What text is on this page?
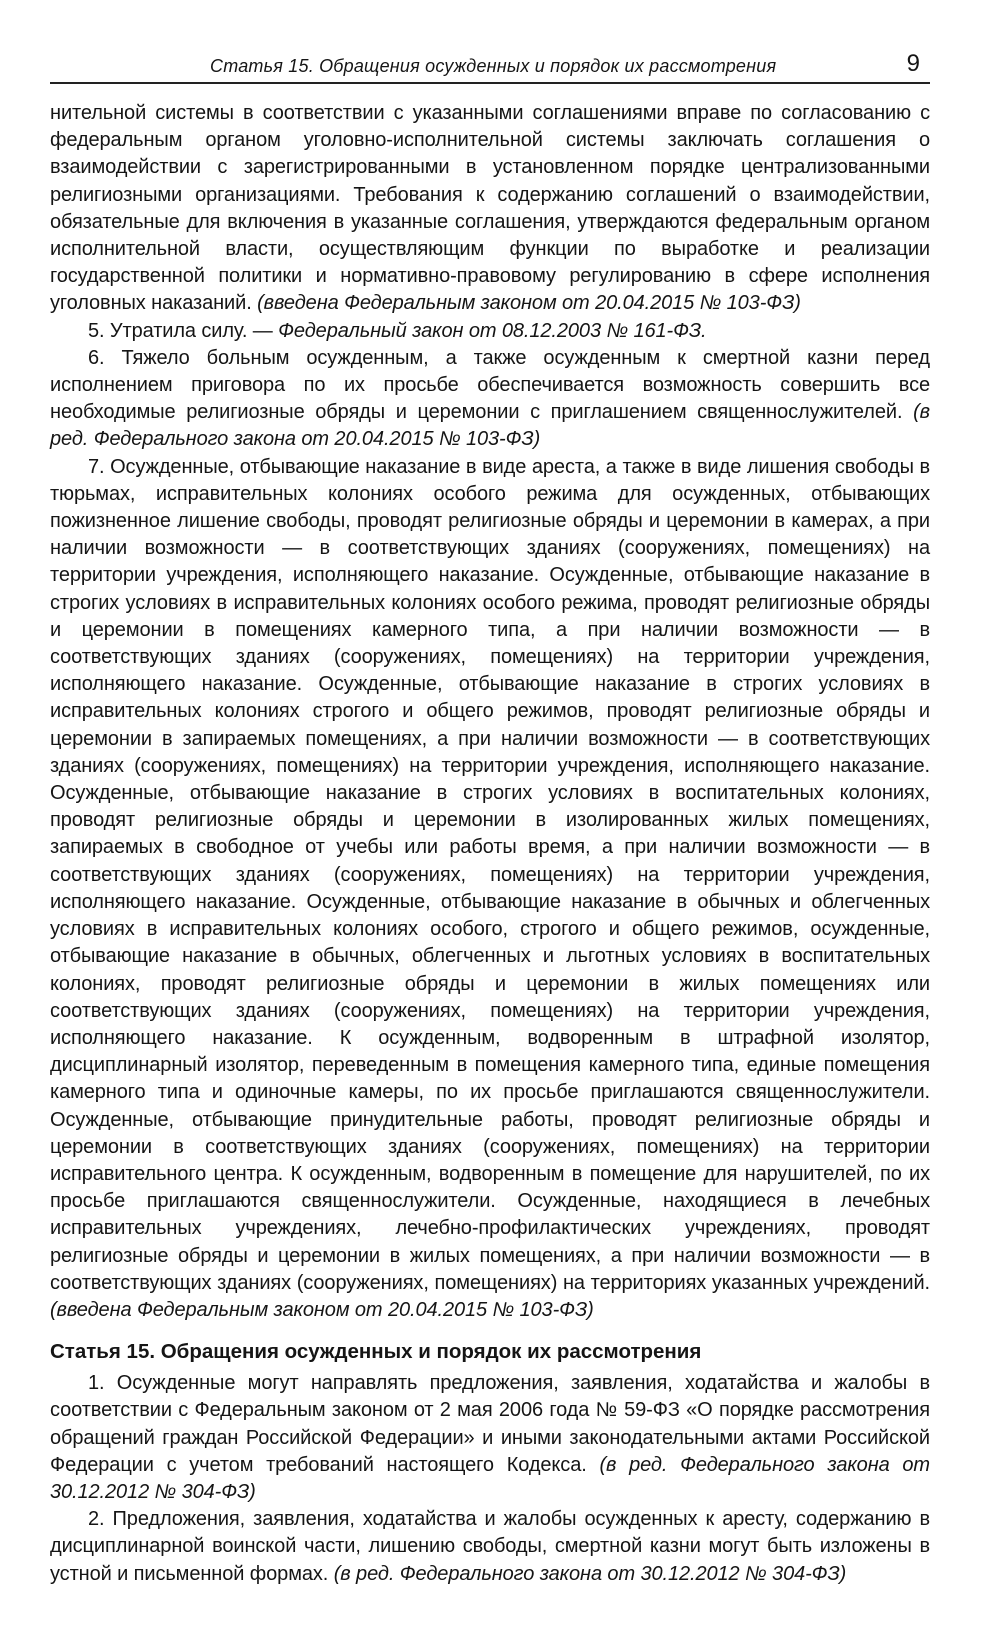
Статья 15. Обращения осужденных и порядок их рассмотрения	9

нительной системы в соответствии с указанными соглашениями вправе по согласованию с федеральным органом уголовно-исполнительной системы заключать соглашения о взаимодействии с зарегистрированными в установленном порядке централизованными религиозными организациями. Требования к содержанию соглашений о взаимодействии, обязательные для включения в указанные соглашения, утверждаются федеральным органом исполнительной власти, осуществляющим функции по выработке и реализации государственной политики и нормативно-правовому регулированию в сфере исполнения уголовных наказаний. (введена Федеральным законом от 20.04.2015 № 103-ФЗ)

5. Утратила силу. — Федеральный закон от 08.12.2003 № 161-ФЗ.

6. Тяжело больным осужденным, а также осужденным к смертной казни перед исполнением приговора по их просьбе обеспечивается возможность совершить все необходимые религиозные обряды и церемонии с приглашением священнослужителей. (в ред. Федерального закона от 20.04.2015 № 103-ФЗ)

7. Осужденные, отбывающие наказание в виде ареста, а также в виде лишения свободы в тюрьмах, исправительных колониях особого режима для осужденных, отбывающих пожизненное лишение свободы, проводят религиозные обряды и церемонии в камерах, а при наличии возможности — в соответствующих зданиях (сооружениях, помещениях) на территории учреждения, исполняющего наказание. Осужденные, отбывающие наказание в строгих условиях в исправительных колониях особого режима, проводят религиозные обряды и церемонии в помещениях камерного типа, а при наличии возможности — в соответствующих зданиях (сооружениях, помещениях) на территории учреждения, исполняющего наказание. Осужденные, отбывающие наказание в строгих условиях в исправительных колониях строгого и общего режимов, проводят религиозные обряды и церемонии в запираемых помещениях, а при наличии возможности — в соответствующих зданиях (сооружениях, помещениях) на территории учреждения, исполняющего наказание. Осужденные, отбывающие наказание в строгих условиях в воспитательных колониях, проводят религиозные обряды и церемонии в изолированных жилых помещениях, запираемых в свободное от учебы или работы время, а при наличии возможности — в соответствующих зданиях (сооружениях, помещениях) на территории учреждения, исполняющего наказание. Осужденные, отбывающие наказание в обычных и облегченных условиях в исправительных колониях особого, строгого и общего режимов, осужденные, отбывающие наказание в обычных, облегченных и льготных условиях в воспитательных колониях, проводят религиозные обряды и церемонии в жилых помещениях или соответствующих зданиях (сооружениях, помещениях) на территории учреждения, исполняющего наказание. К осужденным, водворенным в штрафной изолятор, дисциплинарный изолятор, переведенным в помещения камерного типа, единые помещения камерного типа и одиночные камеры, по их просьбе приглашаются священнослужители. Осужденные, отбывающие принудительные работы, проводят религиозные обряды и церемонии в соответствующих зданиях (сооружениях, помещениях) на территории исправительного центра. К осужденным, водворенным в помещение для нарушителей, по их просьбе приглашаются священнослужители. Осужденные, находящиеся в лечебных исправительных учреждениях, лечебно-профилактических учреждениях, проводят религиозные обряды и церемонии в жилых помещениях, а при наличии возможности — в соответствующих зданиях (сооружениях, помещениях) на территориях указанных учреждений. (введена Федеральным законом от 20.04.2015 № 103-ФЗ)

Статья 15. Обращения осужденных и порядок их рассмотрения

1. Осужденные могут направлять предложения, заявления, ходатайства и жалобы в соответствии с Федеральным законом от 2 мая 2006 года № 59-ФЗ «О порядке рассмотрения обращений граждан Российской Федерации» и иными законодательными актами Российской Федерации с учетом требований настоящего Кодекса. (в ред. Федерального закона от 30.12.2012 № 304-ФЗ)

2. Предложения, заявления, ходатайства и жалобы осужденных к аресту, содержанию в дисциплинарной воинской части, лишению свободы, смертной казни могут быть изложены в устной и письменной формах. (в ред. Федерального закона от 30.12.2012 № 304-ФЗ)
